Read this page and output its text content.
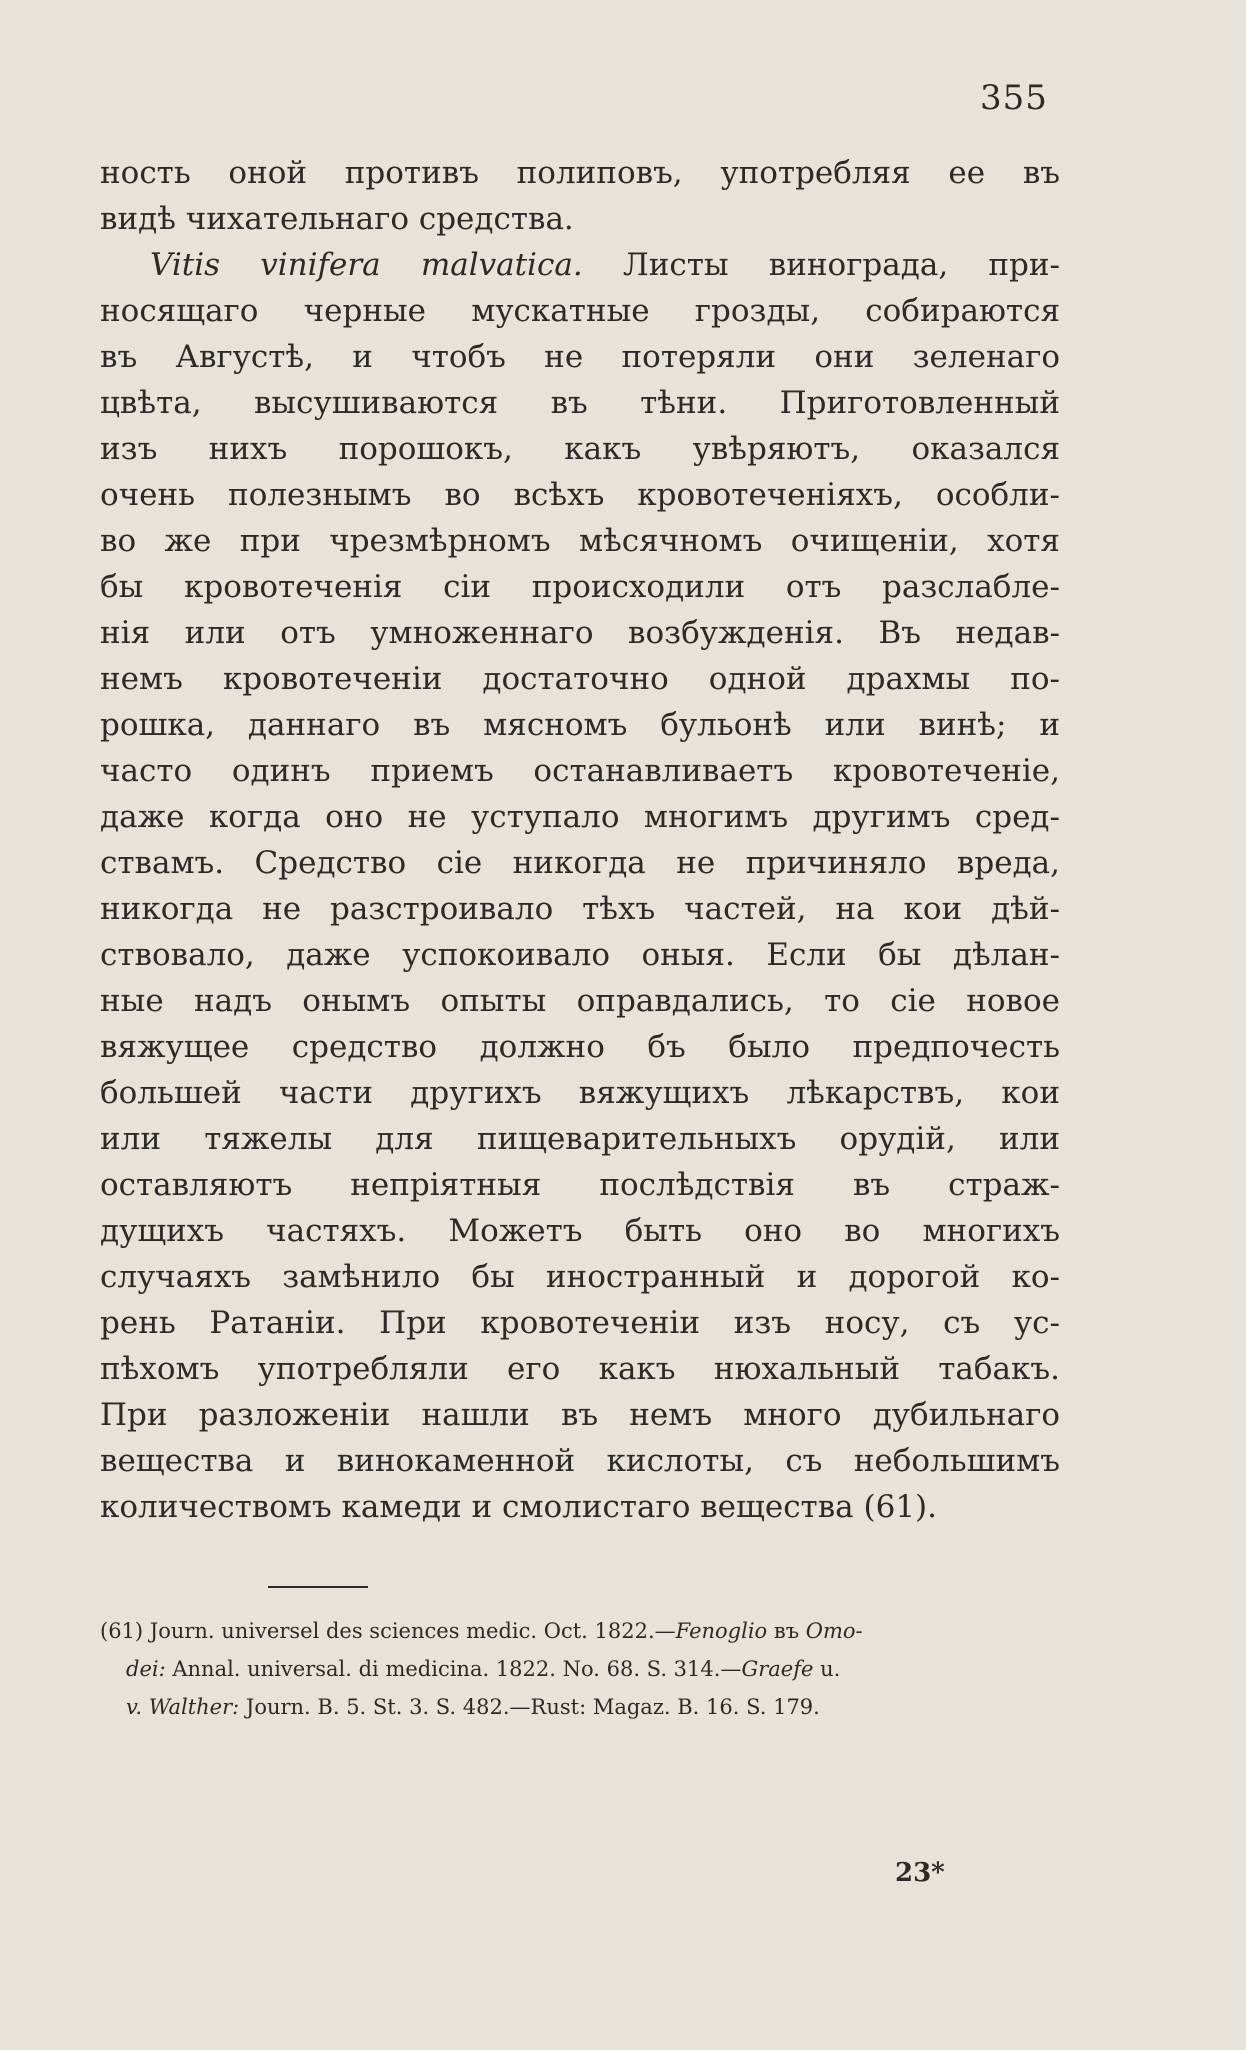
355
ность оной противъ полиповъ, употребляя ее въ
видѣ чихательнаго средства.
Vitis vinifera malvatica. Листы винограда, при-
носящаго черные мускатные грозды, собираются
въ Августѣ, и чтобъ не потеряли они зеленаго
цвѣта, высушиваются въ тѣни. Приготовленный
изъ нихъ порошокъ, какъ увѣряютъ, оказался
очень полезнымъ во всѣхъ кровотеченіяхъ, особли-
во же при чрезмѣрномъ мѣсячномъ очищеніи, хотя
бы кровотеченія сіи происходили отъ разслабле-
нія или отъ умноженнаго возбужденія. Въ недав-
немъ кровотеченіи достаточно одной драхмы по-
рошка, даннаго въ мясномъ бульонѣ или винѣ; и
часто одинъ приемъ останавливаетъ кровотеченіе,
даже когда оно не уступало многимъ другимъ сред-
ствамъ. Средство сіе никогда не причиняло вреда,
никогда не разстроивало тѣхъ частей, на кои дѣй-
ствовало, даже успокоивало оныя. Если бы дѣлан-
ные надъ онымъ опыты оправдались, то сіе новое
вяжущее средство должно бъ было предпочесть
большей части другихъ вяжущихъ лѣкарствъ, кои
или тяжелы для пищеварительныхъ орудій, или
оставляютъ непріятныя послѣдствія въ страж-
дущихъ частяхъ. Можетъ быть оно во многихъ
случаяхъ замѣнило бы иностранный и дорогой ко-
рень Ратаніи. При кровотеченіи изъ носу, съ ус-
пѣхомъ употребляли его какъ нюхальный табакъ.
При разложеніи нашли въ немъ много дубильнаго
вещества и винокаменной кислоты, съ небольшимъ
количествомъ камеди и смолистаго вещества (61).
(61) Journ. universel des sciences medic. Oct. 1822.—Fenoglio въ Omo-
dei: Annal. universal. di medicina. 1822. No. 68. S. 314.—Graefe u.
v. Walther: Journ. B. 5. St. 3. S. 482.—Rust: Magaz. B. 16. S. 179.
23*
